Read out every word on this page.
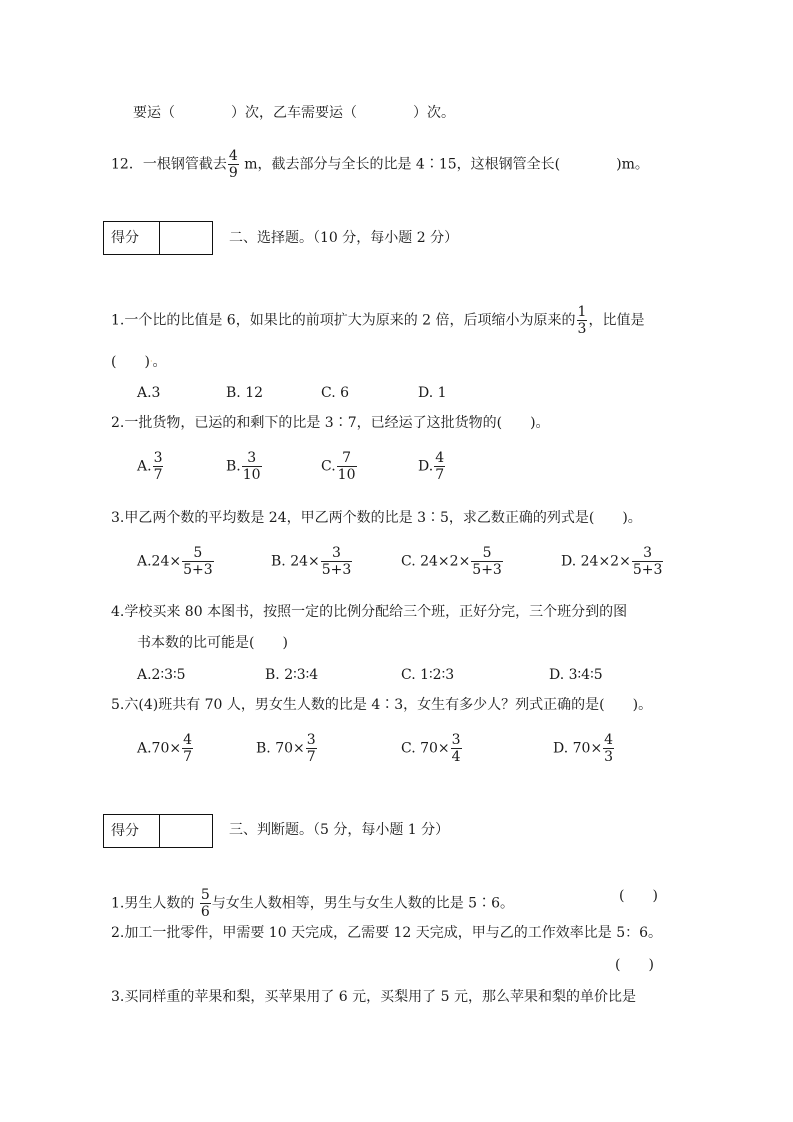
要运（　　　　）次，乙车需要运（　　　　）次。
12．一根钢管截去 $\frac{4}{9}$ m，截去部分与全长的比是 4∶15，这根钢管全长(　　　　)m。
得分	二、选择题。（10 分，每小题 2 分）
1.一个比的比值是 6，如果比的前项扩大为原来的 2 倍，后项缩小为原来的 $\frac{1}{3}$ ，比值是
(　　)·。
A.3	B. 12	C. 6	D. 1
2.一批货物，已运的和剩下的比是 3∶7，已经运了这批货物的(　　)。
A. $\frac{3}{7}$	B. $\frac{3}{10}$	C. $\frac{7}{10}$	D. $\frac{4}{7}$
3.甲乙两个数的平均数是 24，甲乙两个数的比是 3∶5，求乙数正确的列式是(　　)。
$A.24\times \frac{5}{5+3}$	B. $24\times \frac{3}{5+3}$	C. $24\times 2\times \frac{5}{5+3}$	D. $24\times 2\times \frac{3}{5+3}$
4.学校买来 80 本图书，按照一定的比例分配给三个班，正好分完，三个班分到的图
书本数的比可能是(　　)
A.2∶3∶5	B. 2∶3∶4	C. 1∶2∶3	D. 3∶4∶5
5.六(4)班共有 70 人，男女生人数的比是 4∶3，女生有多少人？列式正确的是(　　)。
$A.70\times \frac{4}{7}$	B. $70\times \frac{3}{7}$	C. $70\times \frac{3}{4}$	D. $70\times \frac{4}{3}$
得分	三、判断题。（5 分，每小题 1 分）
1.男生人数的 $\frac{5}{6}$ 与女生人数相等，男生与女生人数的比是 5∶6。	(　　)
2.加工一批零件，甲需要 10 天完成，乙需要 12 天完成，甲与乙的工作效率比是 5：6。
(　　)
3.买同样重的苹果和梨，买苹果用了 6 元，买梨用了 5 元，那么苹果和梨的单价比是
